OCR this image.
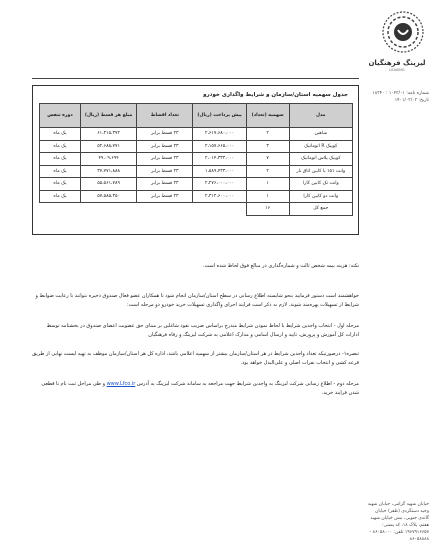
لیزینگ فرهنگیان
LEASING
شماره نامه: ۱۰۲۳/۰۱ : ۱۸۳۴۰
تاریخ: ۱۴۰۱/۰۳/۰۳
خیابان شهید گرامی، خیابان شهید وحید دستگردی (ظفر) خیابان گاندی جنوبی، نبش خیابان شهید هفتم، پلاک ۱۸، کد پستی: ۱۹۶۷۹۱۶۶۵۷ تلفن: ۸۶۰۵۸۰۰۰ - ۸۶۰۵۸۸۸۸
جدول سهمیه استان/سازمان و شرایط واگذاری خودرو
مدل	سهمیه (تعداد)	پیش پرداخت (ریال)	تعداد اقساط	مبلغ هر قسط (ریال)	دوره تنفس
شاهین	۲	۲،۶۱۷،۶۸۰،۰۰۰	۲۳ قسط برابر	۶۱،۳۱۵،۳۷۲	یک ماه
کوییک R اتوماتیک	۳	۲،۱۵۷،۶۶۵،۰۰۰	۲۳ قسط برابر	۵۲،۶۸۸،۷۷۱	یک ماه
کوییک پلاس اتوماتیک	۷	۲،۰۱۴،۳۳۳،۰۰۰	۲۳ قسط برابر	۴۹،۰۹،۶۹۴	یک ماه
وانت ۱۵۱ با کابین اتاق بار	۲	۱،۵۸۹،۴۳۳،۰۰۰	۲۳ قسط برابر	۳۷،۷۷۱،۸۸۸	یک ماه
وانت تک کابین کارا	۱	۲،۲۷۶،۰۰۰،۰۰۰	۲۳ قسط برابر	۵۵،۵۶۱،۷۸۹	یک ماه
وانت دو کابین کارا	۱	۲،۳۱۲،۶۰۰،۰۰۰	۲۳ قسط برابر	۵۷،۵۸۵،۳۵۰	یک ماه
جمع کل	۱۶				
نکته: هزینه بیمه شخص ثالث و شماره‌گذاری در مبالغ فوق لحاظ شده است.
خواهشمند است دستور فرمایید بنحو شایسته اطلاع رسانی در سطح استان/سازمان انجام شود تا همکاران عضو فعال صندوق ذخیره بتوانند با رعایت ضوابط و شرایط از تسهیلات بهره‌مند شوند. لازم به ذکر است فرایند اجرای واگذاری تسهیلات خرید خودرو دو مرحله است:
مرحله اول - انتخاب واجدین شرایط با لحاظ نمودن شرایط مندرج براساس ضریب نفوذ شاغلین بر مبنای حق عضویت اعضای صندوق در بخشنامه توسط ادارات کل آموزش و پرورش، تایید و ارسال اسامی و مدارک اعلامی به شرکت لیزینگ و رفاه فرهنگیان
تبصره۱- درصورتیکه تعداد واجدین شرایط در هر استان/سازمان بیشتر از سهمیه اعلامی باشد، اداره کل هر استان/سازمان موظف به تهیه لیست نهایی از طریق قرعه کشی و انتخاب نفرات اصلی و علی‌البدل خواهد بود.
مرحله دوم - اطلاع رسانی شرکت لیزینگ به واجدین شرایط جهت مراجعه به سامانه شرکت لیزینگ به آدرس www.Lfco.ir و طی مراحل ثبت نام تا قطعی شدن فرایند خرید.
